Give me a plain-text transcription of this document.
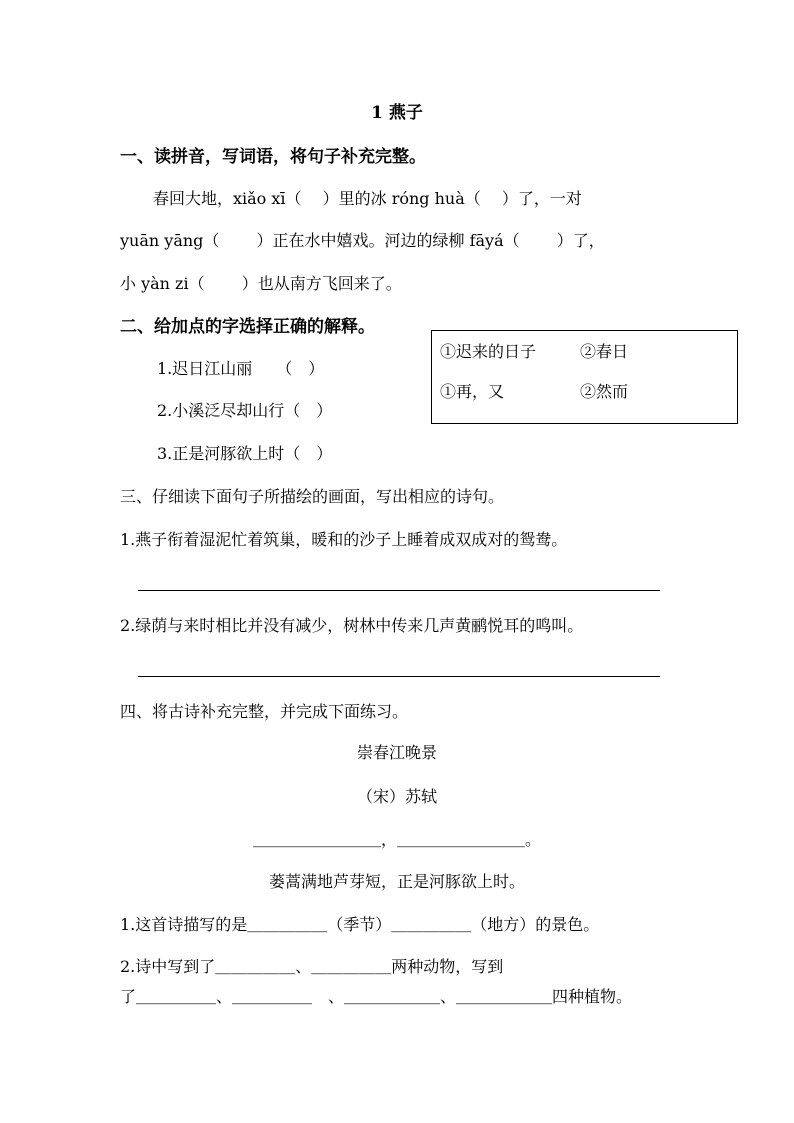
1 燕子
一、读拼音，写词语，将句子补充完整。
春回大地，xiǎo xī（　 ）里的冰 róng huà（　 ）了，一对
yuān yāng（　　 ）正在水中嬉戏。河边的绿柳 fāyá（　　 ）了，
小 yàn zi（　　 ）也从南方飞回来了。
二、给加点的字选择正确的解释。
1.迟日江山丽　　（　）
2.小溪泛尽却山行（　）
3.正是河豚欲上时（　）
①迟来的日子	②春日
①再，又	②然而
三、仔细读下面句子所描绘的画面，写出相应的诗句。
1.燕子衔着湿泥忙着筑巢，暖和的沙子上睡着成双成对的鸳鸯。
2.绿荫与来时相比并没有减少，树林中传来几声黄鹂悦耳的鸣叫。
四、将古诗补充完整，并完成下面练习。
崇春江晚景
（宋）苏轼
＿＿＿＿＿＿＿＿，＿＿＿＿＿＿＿＿。
蒌蒿满地芦芽短，正是河豚欲上时。
1.这首诗描写的是＿＿＿＿＿（季节）＿＿＿＿＿（地方）的景色。
2.诗中写到了＿＿＿＿＿、＿＿＿＿＿两种动物，写到
了＿＿＿＿＿、＿＿＿＿＿　、＿＿＿＿＿＿、＿＿＿＿＿＿四种植物。
